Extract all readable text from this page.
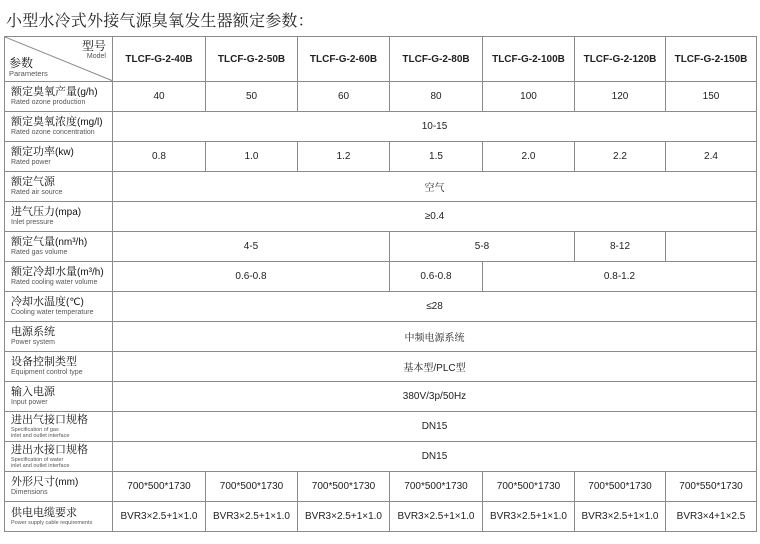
小型水冷式外接气源臭氧发生器额定参数：
型号
Model
参数
Parameters	TLCF-G-2-40B	TLCF-G-2-50B	TLCF-G-2-60B	TLCF-G-2-80B	TLCF-G-2-100B	TLCF-G-2-120B	TLCF-G-2-150B

额定臭氧产量(g/h)
Rated ozone production	40	50	60	80	100	120	150

额定臭氧浓度(mg/l)
Rated ozone concentration	10-15						

额定功率(kw)
Rated power	0.8	1.0	1.2	1.5	2.0	2.2	2.4

额定气源
Rated air source	空气						

进气压力(mpa)
Inlet pressure	≥0.4						

额定气量(nm³/h)
Rated gas volume	4-5			5-8		8-12	

额定冷却水量(m³/h)
Rated cooling water volume	0.6-0.8			0.6-0.8	0.8-1.2		

冷却水温度(℃)
Cooling water temperature	≤28						

电源系统
Power system	中频电源系统						

设备控制类型
Equipment control type	基本型/PLC型						

输入电源
Input power	380V/3p/50Hz						

进出气接口规格
Specification of gas
inlet and outlet interface	DN15						

进出水接口规格
Specification of water
inlet and outlet interface	DN15						

外形尺寸(mm)
Dimensions	700*500*1730	700*500*1730	700*500*1730	700*500*1730	700*500*1730	700*500*1730	700*550*1730

供电电缆要求
Power supply cable requirements	BVR3×2.5+1×1.0	BVR3×2.5+1×1.0	BVR3×2.5+1×1.0	BVR3×2.5+1×1.0	BVR3×2.5+1×1.0	BVR3×2.5+1×1.0	BVR3×4+1×2.5
